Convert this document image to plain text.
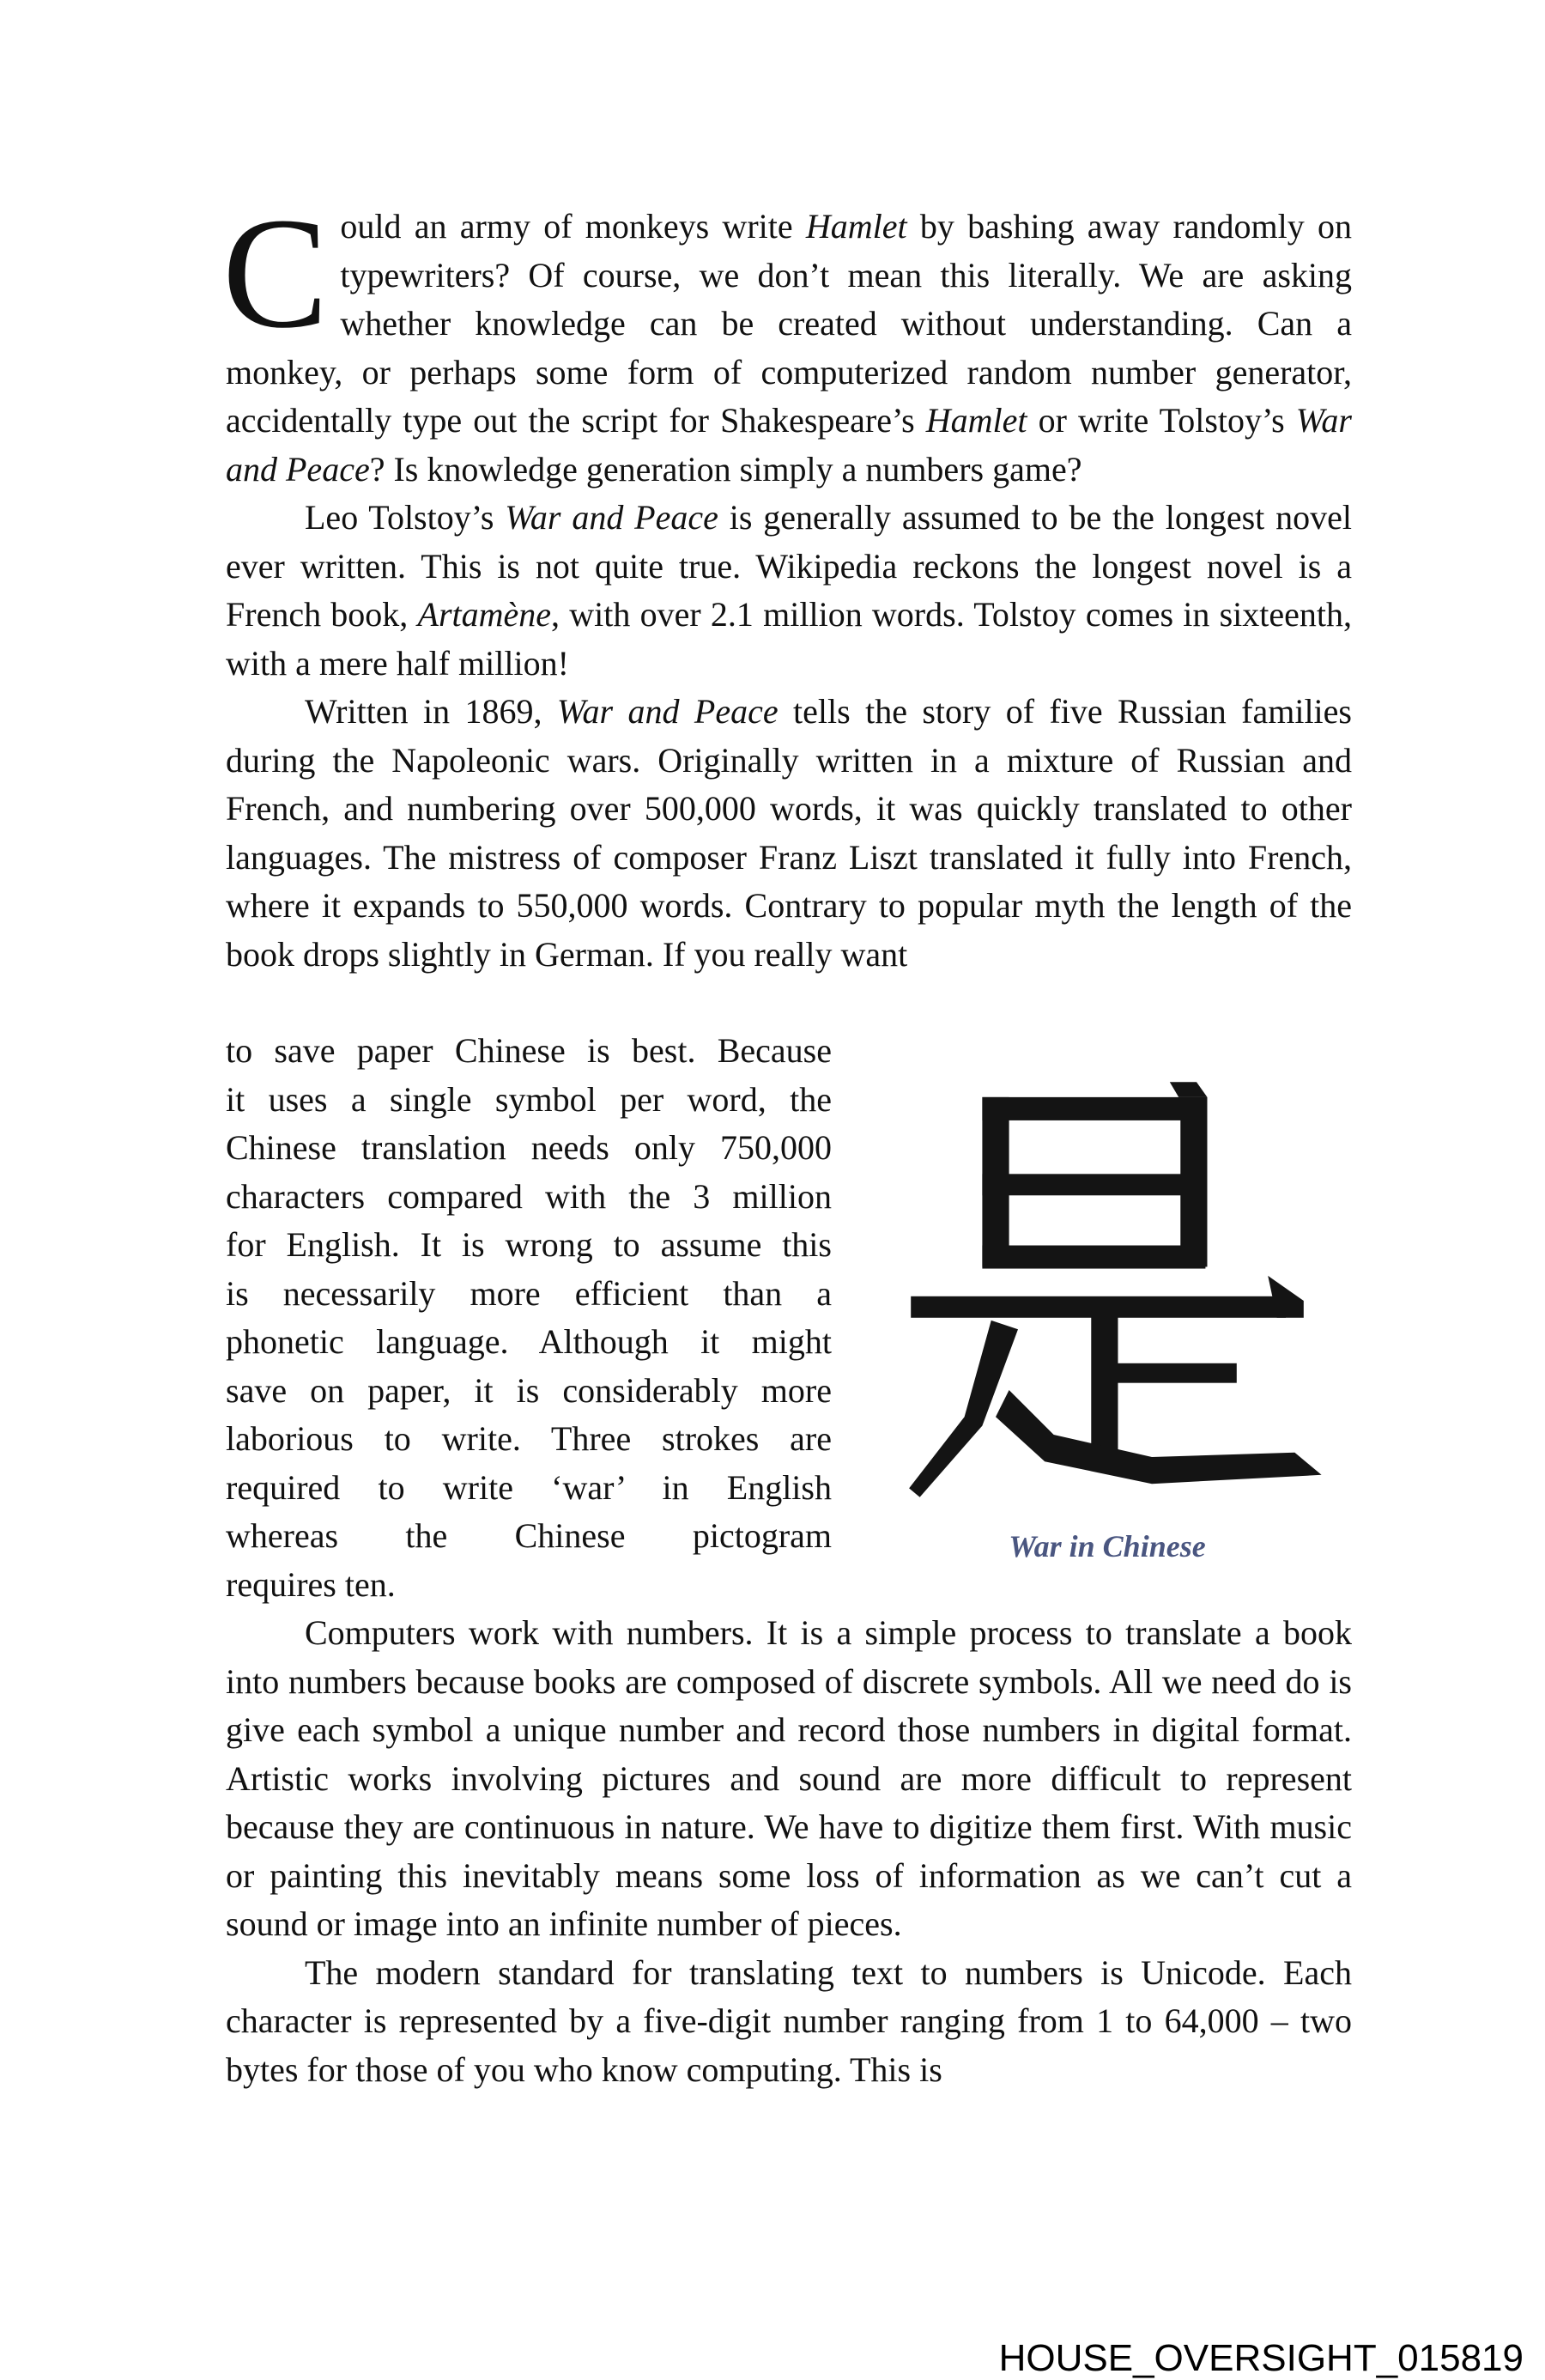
Could an army of monkeys write Hamlet by bashing away randomly on typewriters? Of course, we don’t mean this literally. We are asking whether knowledge can be created without understanding. Can a monkey, or perhaps some form of computerized random number generator, accidentally type out the script for Shakespeare’s Hamlet or write Tolstoy’s War and Peace? Is knowledge generation simply a numbers game?

Leo Tolstoy’s War and Peace is generally assumed to be the longest novel ever written. This is not quite true. Wikipedia reckons the longest novel is a French book, Artamène, with over 2.1 million words. Tolstoy comes in sixteenth, with a mere half million!

Written in 1869, War and Peace tells the story of five Russian families during the Napoleonic wars. Originally written in a mixture of Russian and French, and numbering over 500,000 words, it was quickly translated to other languages. The mistress of composer Franz Liszt translated it fully into French, where it expands to 550,000 words. Contrary to popular myth the length of the book drops slightly in German. If you really want

to save paper Chinese is best. Because
it uses a single symbol per word, the
Chinese translation needs only 750,000
characters compared with the 3 million
for English. It is wrong to assume this
is necessarily more efficient than a
phonetic language. Although it might
save on paper, it is considerably more
laborious to write. Three strokes are
required to write ‘war’ in English
whereas the Chinese pictogram
requires ten.
War in Chinese

Computers work with numbers. It is a simple process to translate a book into numbers because books are composed of discrete symbols. All we need do is give each symbol a unique number and record those numbers in digital format. Artistic works involving pictures and sound are more difficult to represent because they are continuous in nature. We have to digitize them first. With music or painting this inevitably means some loss of information as we can’t cut a sound or image into an infinite number of pieces.

The modern standard for translating text to numbers is Unicode. Each character is represented by a five-digit number ranging from 1 to 64,000 – two bytes for those of you who know computing. This is

HOUSE_OVERSIGHT_015819
